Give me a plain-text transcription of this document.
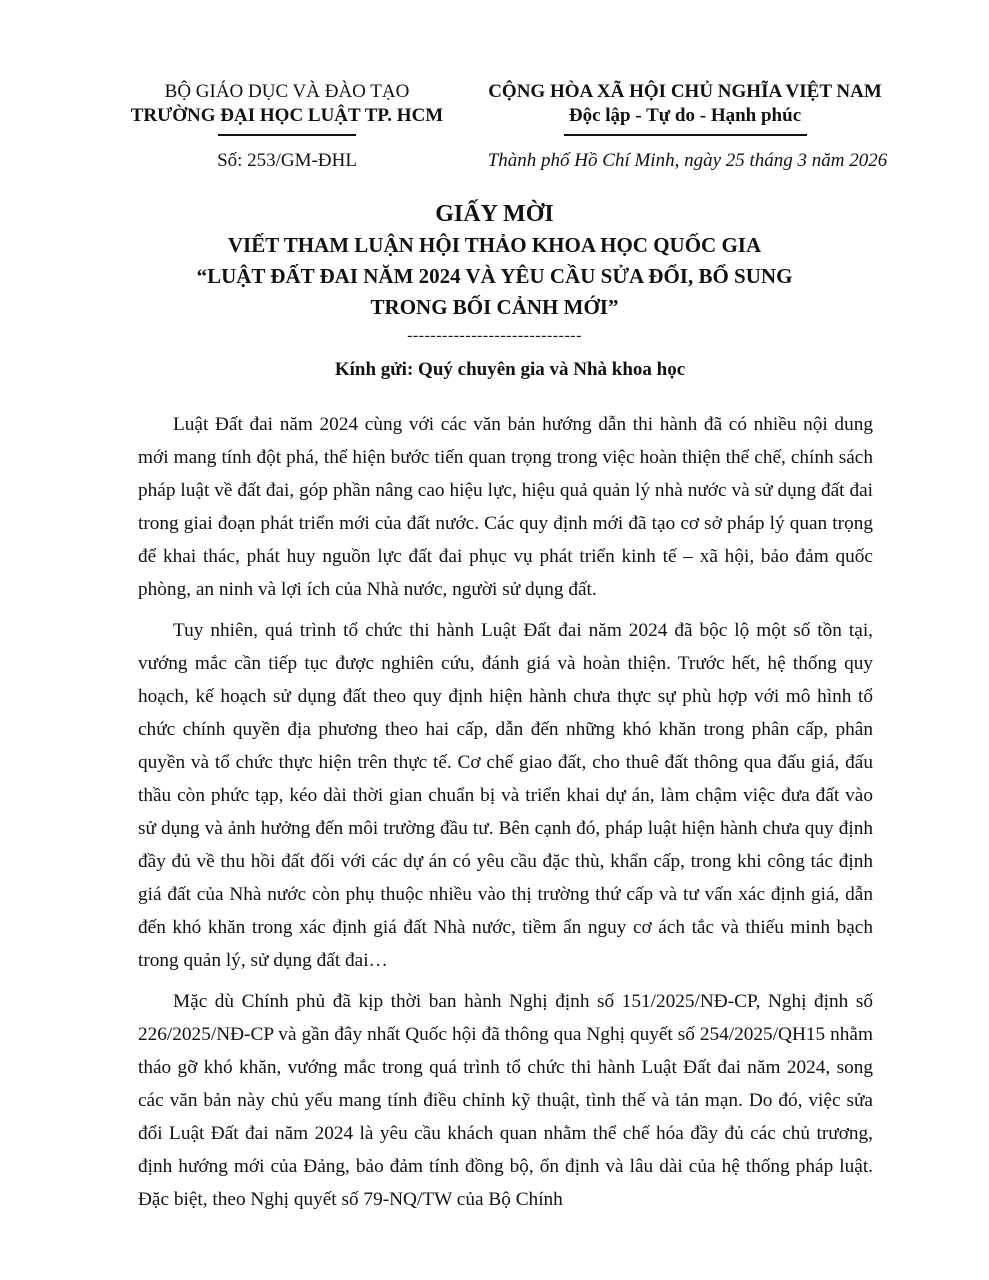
BỘ GIÁO DỤC VÀ ĐÀO TẠO
TRƯỜNG ĐẠI HỌC LUẬT TP. HCM
CỘNG HÒA XÃ HỘI CHỦ NGHĨA VIỆT NAM
Độc lập - Tự do - Hạnh phúc
Số: 253/GM-ĐHL	Thành phố Hồ Chí Minh, ngày 25 tháng 3 năm 2026
GIẤY MỜI
VIẾT THAM LUẬN HỘI THẢO KHOA HỌC QUỐC GIA
“LUẬT ĐẤT ĐAI NĂM 2024 VÀ YÊU CẦU SỬA ĐỔI, BỔ SUNG
TRONG BỐI CẢNH MỚI”
------------------------------
Kính gửi: Quý chuyên gia và Nhà khoa học

Luật Đất đai năm 2024 cùng với các văn bản hướng dẫn thi hành đã có nhiều nội dung mới mang tính đột phá, thể hiện bước tiến quan trọng trong việc hoàn thiện thể chế, chính sách pháp luật về đất đai, góp phần nâng cao hiệu lực, hiệu quả quản lý nhà nước và sử dụng đất đai trong giai đoạn phát triển mới của đất nước. Các quy định mới đã tạo cơ sở pháp lý quan trọng để khai thác, phát huy nguồn lực đất đai phục vụ phát triển kinh tế – xã hội, bảo đảm quốc phòng, an ninh và lợi ích của Nhà nước, người sử dụng đất.

Tuy nhiên, quá trình tổ chức thi hành Luật Đất đai năm 2024 đã bộc lộ một số tồn tại, vướng mắc cần tiếp tục được nghiên cứu, đánh giá và hoàn thiện. Trước hết, hệ thống quy hoạch, kế hoạch sử dụng đất theo quy định hiện hành chưa thực sự phù hợp với mô hình tổ chức chính quyền địa phương theo hai cấp, dẫn đến những khó khăn trong phân cấp, phân quyền và tổ chức thực hiện trên thực tế. Cơ chế giao đất, cho thuê đất thông qua đấu giá, đấu thầu còn phức tạp, kéo dài thời gian chuẩn bị và triển khai dự án, làm chậm việc đưa đất vào sử dụng và ảnh hưởng đến môi trường đầu tư. Bên cạnh đó, pháp luật hiện hành chưa quy định đầy đủ về thu hồi đất đối với các dự án có yêu cầu đặc thù, khẩn cấp, trong khi công tác định giá đất của Nhà nước còn phụ thuộc nhiều vào thị trường thứ cấp và tư vấn xác định giá, dẫn đến khó khăn trong xác định giá đất Nhà nước, tiềm ẩn nguy cơ ách tắc và thiếu minh bạch trong quản lý, sử dụng đất đai…

Mặc dù Chính phủ đã kịp thời ban hành Nghị định số 151/2025/NĐ-CP, Nghị định số 226/2025/NĐ-CP và gần đây nhất Quốc hội đã thông qua Nghị quyết số 254/2025/QH15 nhằm tháo gỡ khó khăn, vướng mắc trong quá trình tổ chức thi hành Luật Đất đai năm 2024, song các văn bản này chủ yếu mang tính điều chỉnh kỹ thuật, tình thế và tản mạn. Do đó, việc sửa đổi Luật Đất đai năm 2024 là yêu cầu khách quan nhằm thể chế hóa đầy đủ các chủ trương, định hướng mới của Đảng, bảo đảm tính đồng bộ, ổn định và lâu dài của hệ thống pháp luật. Đặc biệt, theo Nghị quyết số 79-NQ/TW của Bộ Chính
